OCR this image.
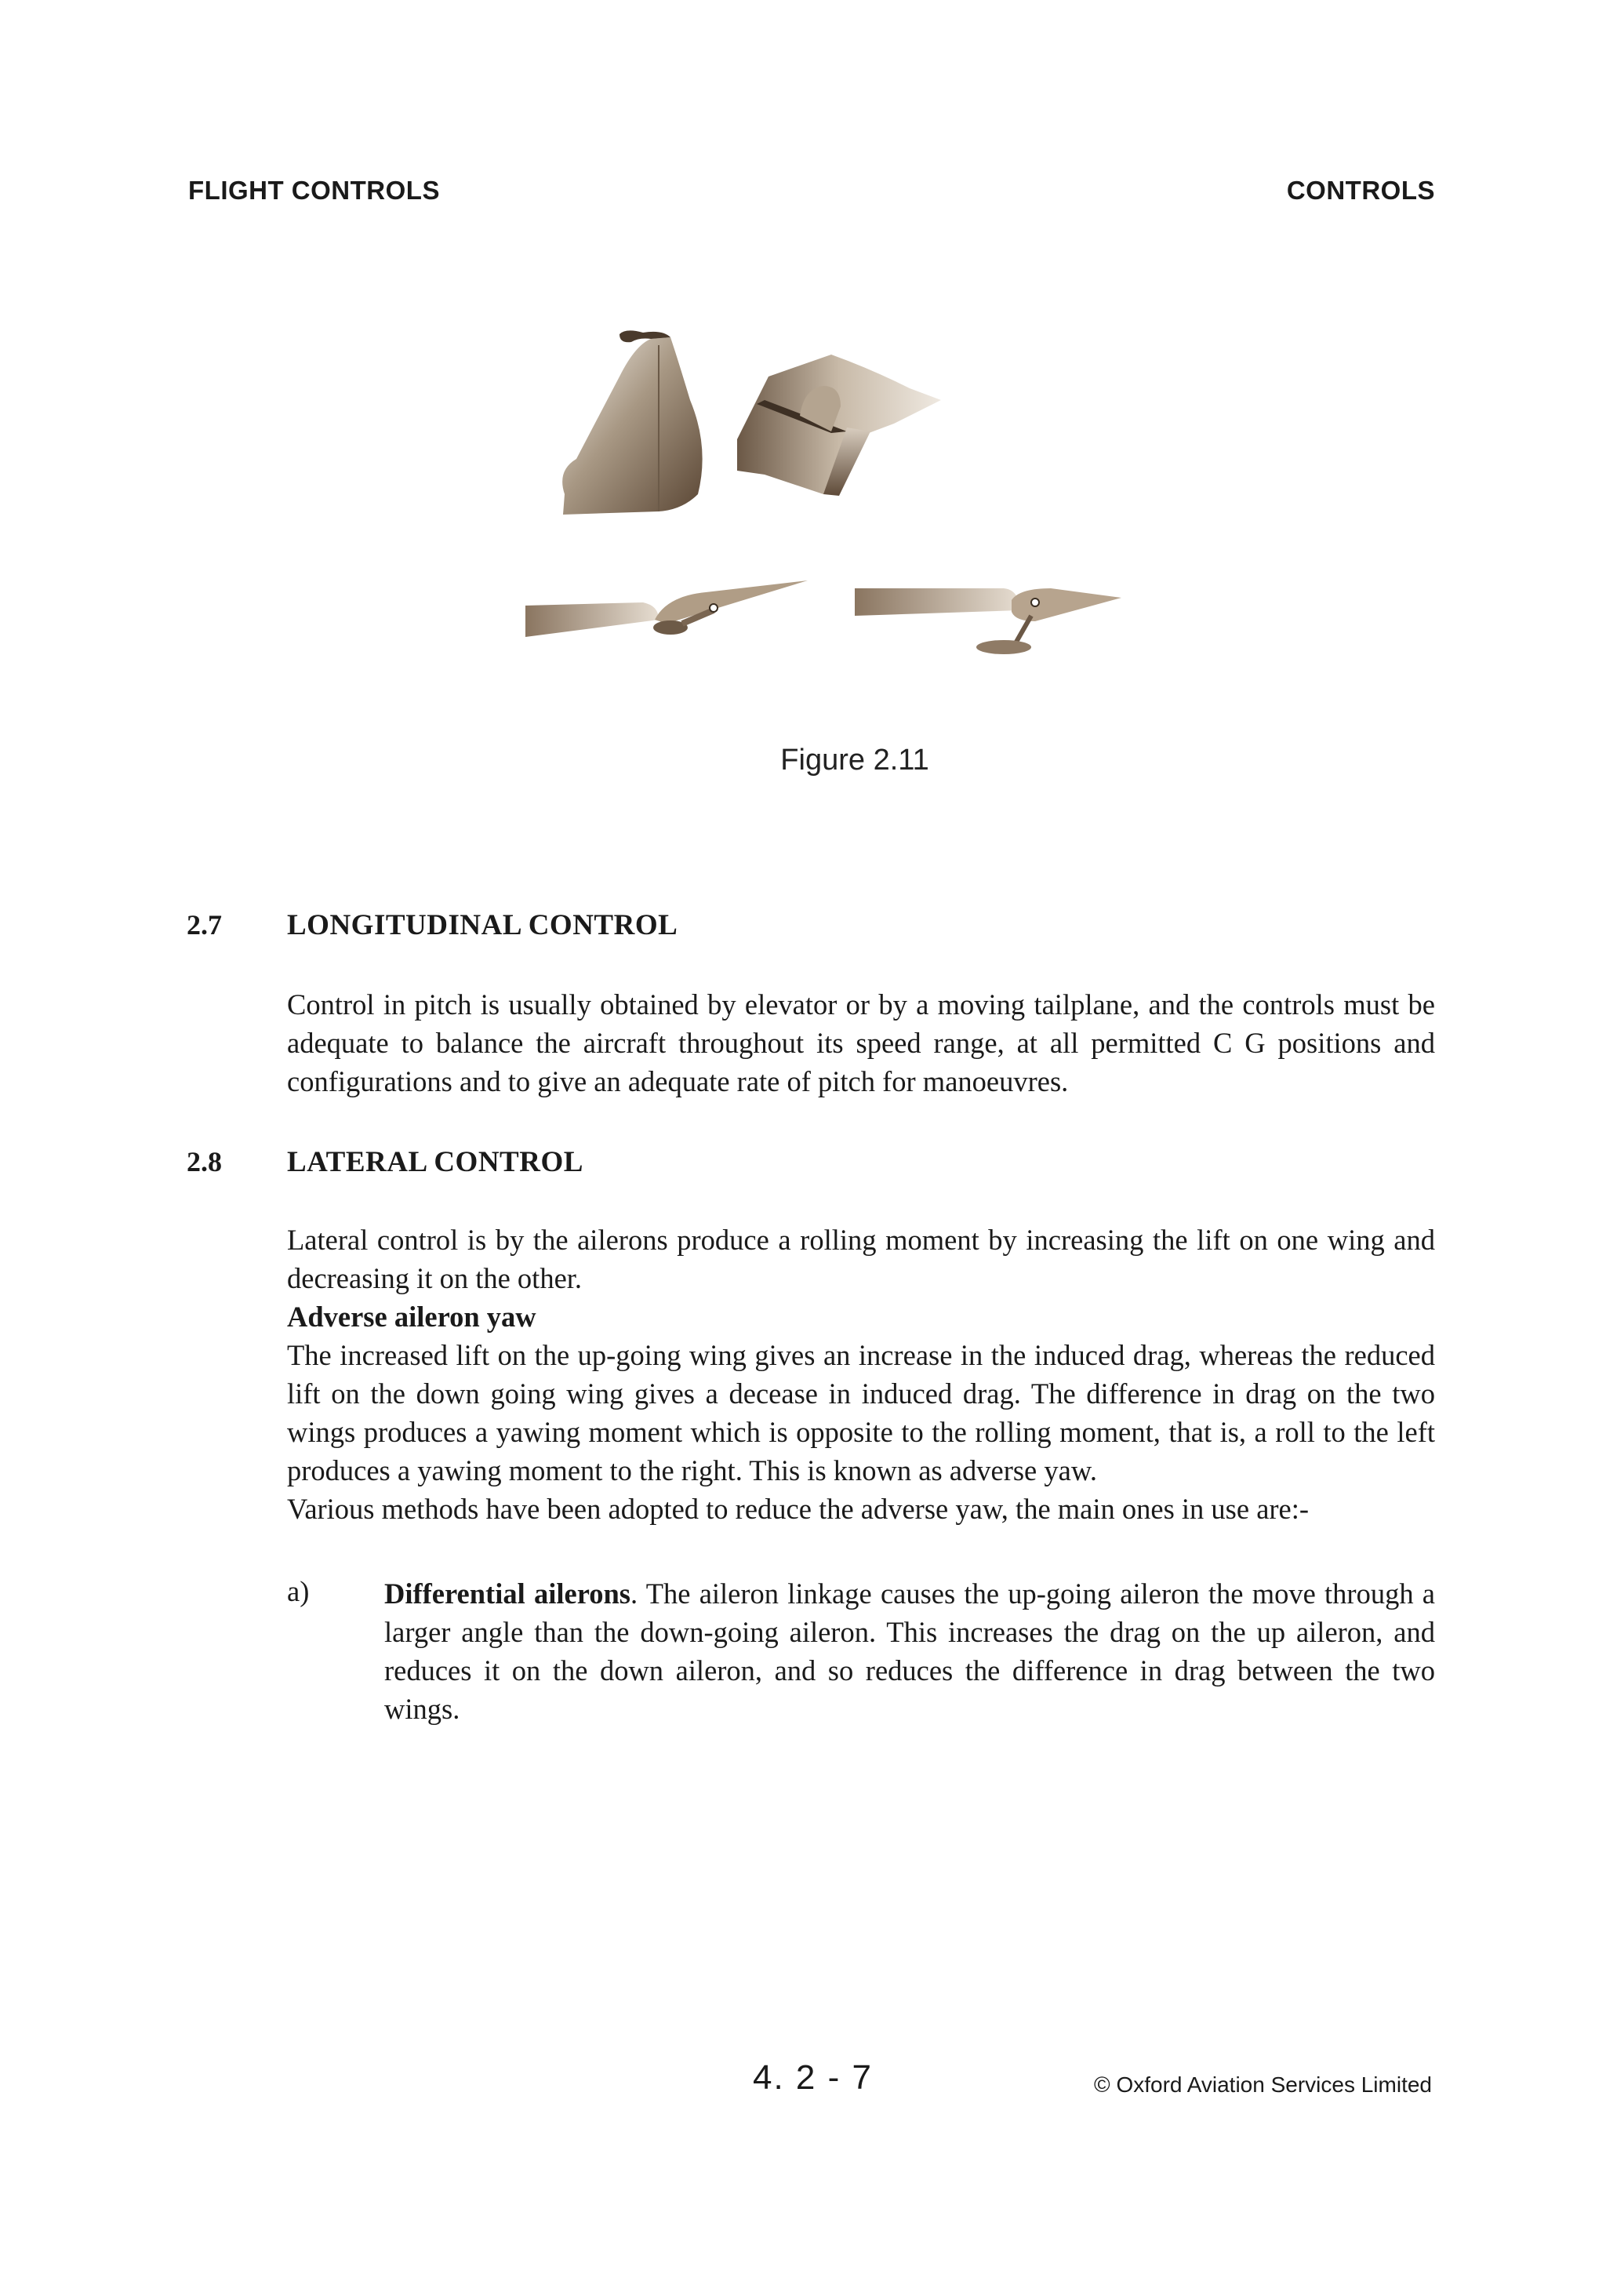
FLIGHT CONTROLS	CONTROLS
Figure 2.11
2.7 LONGITUDINAL CONTROL

Control in pitch is usually obtained by elevator or by a moving tailplane, and the controls must be adequate to balance the aircraft throughout its speed range, at all permitted C G positions and configurations and to give an adequate rate of pitch for manoeuvres.

2.8 LATERAL CONTROL
Lateral control is by the ailerons produce a rolling moment by increasing the lift on one wing and decreasing it on the other.
Adverse aileron yaw
The increased lift on the up-going wing gives an increase in the induced drag, whereas the reduced lift on the down going wing gives a decease in induced drag. The difference in drag on the two wings produces a yawing moment which is opposite to the rolling moment, that is, a roll to the left produces a yawing moment to the right. This is known as adverse yaw.
Various methods have been adopted to reduce the adverse yaw, the main ones in use are:-
a)	Differential ailerons. The aileron linkage causes the up-going aileron the move through a larger angle than the down-going aileron. This increases the drag on the up aileron, and reduces it on the down aileron, and so reduces the difference in drag between the two wings.

4. 2 - 7	© Oxford Aviation Services Limited
